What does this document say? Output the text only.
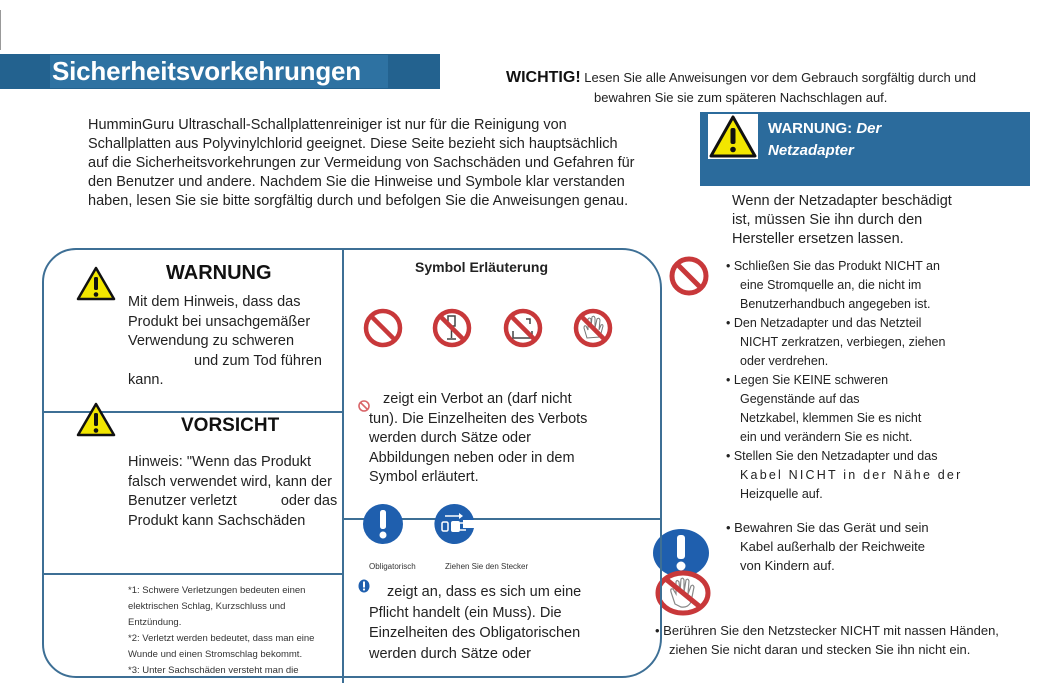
Sicherheitsvorkehrungen	WICHTIG! Lesen Sie alle Anweisungen vor dem Gebrauch sorgfältig durch und
bewahren Sie sie zum späteren Nachschlagen auf.
HumminGuru Ultraschall-Schallplattenreiniger ist nur für die Reinigung von
Schallplatten aus Polyvinylchlorid geeignet. Diese Seite bezieht sich hauptsächlich
auf die Sicherheitsvorkehrungen zur Vermeidung von Sachschäden und Gefahren für
den Benutzer und andere. Nachdem Sie die Hinweise und Symbole klar verstanden
haben, lesen Sie sie bitte sorgfältig durch und befolgen Sie die Anweisungen genau.
WARNUNG: Der
Netzadapter
Wenn der Netzadapter beschädigt
ist, müssen Sie ihn durch den
Hersteller ersetzen lassen.
• Schließen Sie das Produkt NICHT an
eine Stromquelle an, die nicht im
Benutzerhandbuch angegeben ist.
• Den Netzadapter und das Netzteil
NICHT zerkratzen, verbiegen, ziehen
oder verdrehen.
• Legen Sie KEINE schweren
Gegenstände auf das
Netzkabel, klemmen Sie es nicht
ein und verändern Sie es nicht.
• Stellen Sie den Netzadapter und das
Kabel NICHT in der Nähe der
Heizquelle auf.
• Bewahren Sie das Gerät und sein
Kabel außerhalb der Reichweite
von Kindern auf.
• Berühren Sie den Netzstecker NICHT mit nassen Händen,
ziehen Sie nicht daran und stecken Sie ihn nicht ein.
WARNUNG
Mit dem Hinweis, dass das
Produkt bei unsachgemäßer
Verwendung zu schweren
und zum Tod führen
kann.
VORSICHT
Hinweis: "Wenn das Produkt
falsch verwendet wird, kann der
Benutzer verletzt	oder das
Produkt kann Sachschäden
*1: Schwere Verletzungen bedeuten einen
elektrischen Schlag, Kurzschluss und
Entzündung.
*2: Verletzt werden bedeutet, dass man eine
Wunde und einen Stromschlag bekommt.
*3: Unter Sachschäden versteht man die
Symbol Erläuterung
zeigt ein Verbot an (darf nicht
tun). Die Einzelheiten des Verbots
werden durch Sätze oder
Abbildungen neben oder in dem
Symbol erläutert.
Obligatorisch	Ziehen Sie den Stecker
zeigt an, dass es sich um eine
Pflicht handelt (ein Muss). Die
Einzelheiten des Obligatorischen
werden durch Sätze oder
